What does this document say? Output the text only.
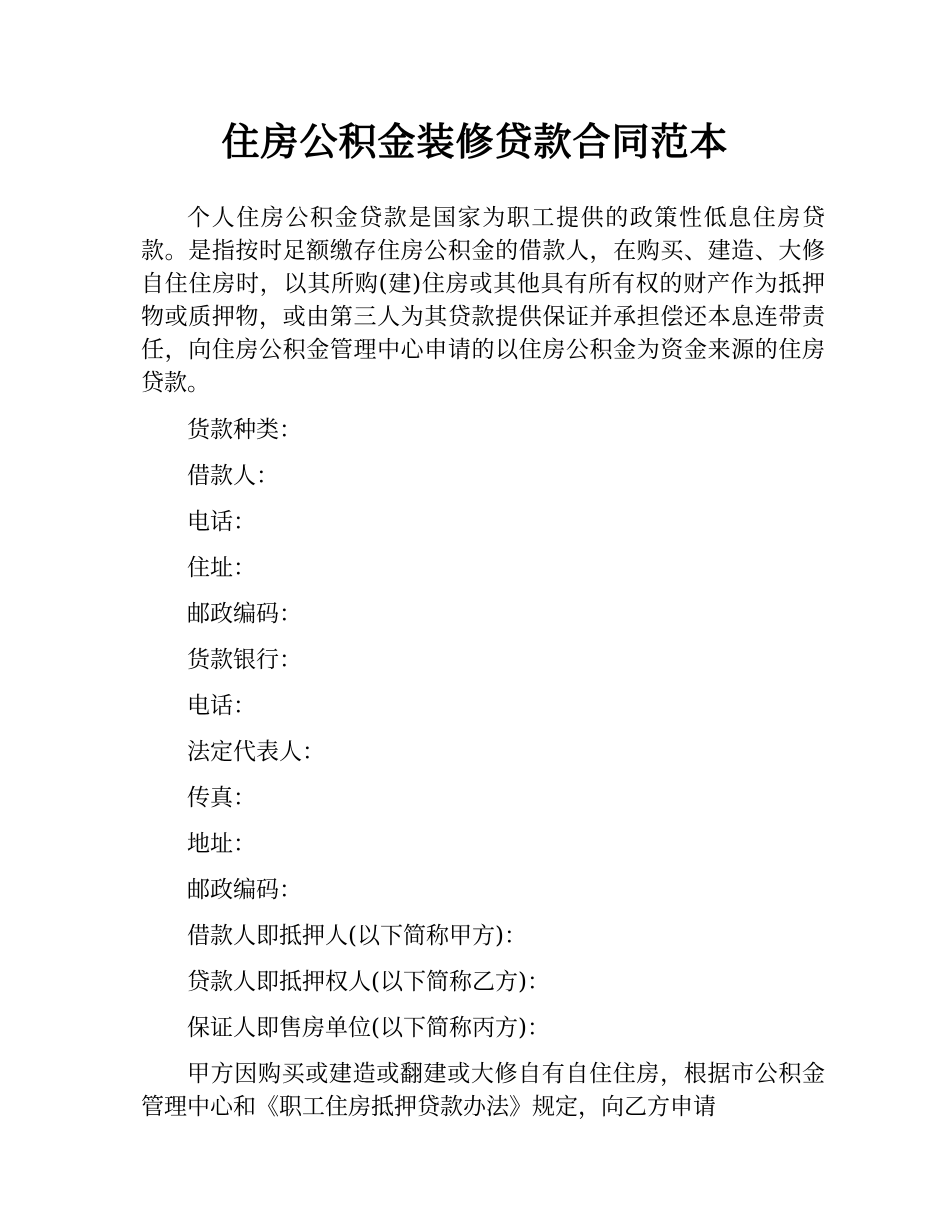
住房公积金装修贷款合同范本

个人住房公积金贷款是国家为职工提供的政策性低息住房贷款。是指按时足额缴存住房公积金的借款人，在购买、建造、大修自住住房时，以其所购(建)住房或其他具有所有权的财产作为抵押物或质押物，或由第三人为其贷款提供保证并承担偿还本息连带责任，向住房公积金管理中心申请的以住房公积金为资金来源的住房贷款。

货款种类：
借款人：
电话：
住址：
邮政编码：
货款银行：
电话：
法定代表人：
传真：
地址：
邮政编码：
借款人即抵押人(以下简称甲方)：
贷款人即抵押权人(以下简称乙方)：
保证人即售房单位(以下简称丙方)：

甲方因购买或建造或翻建或大修自有自住住房，根据市公积金管理中心和《职工住房抵押贷款办法》规定，向乙方申请
